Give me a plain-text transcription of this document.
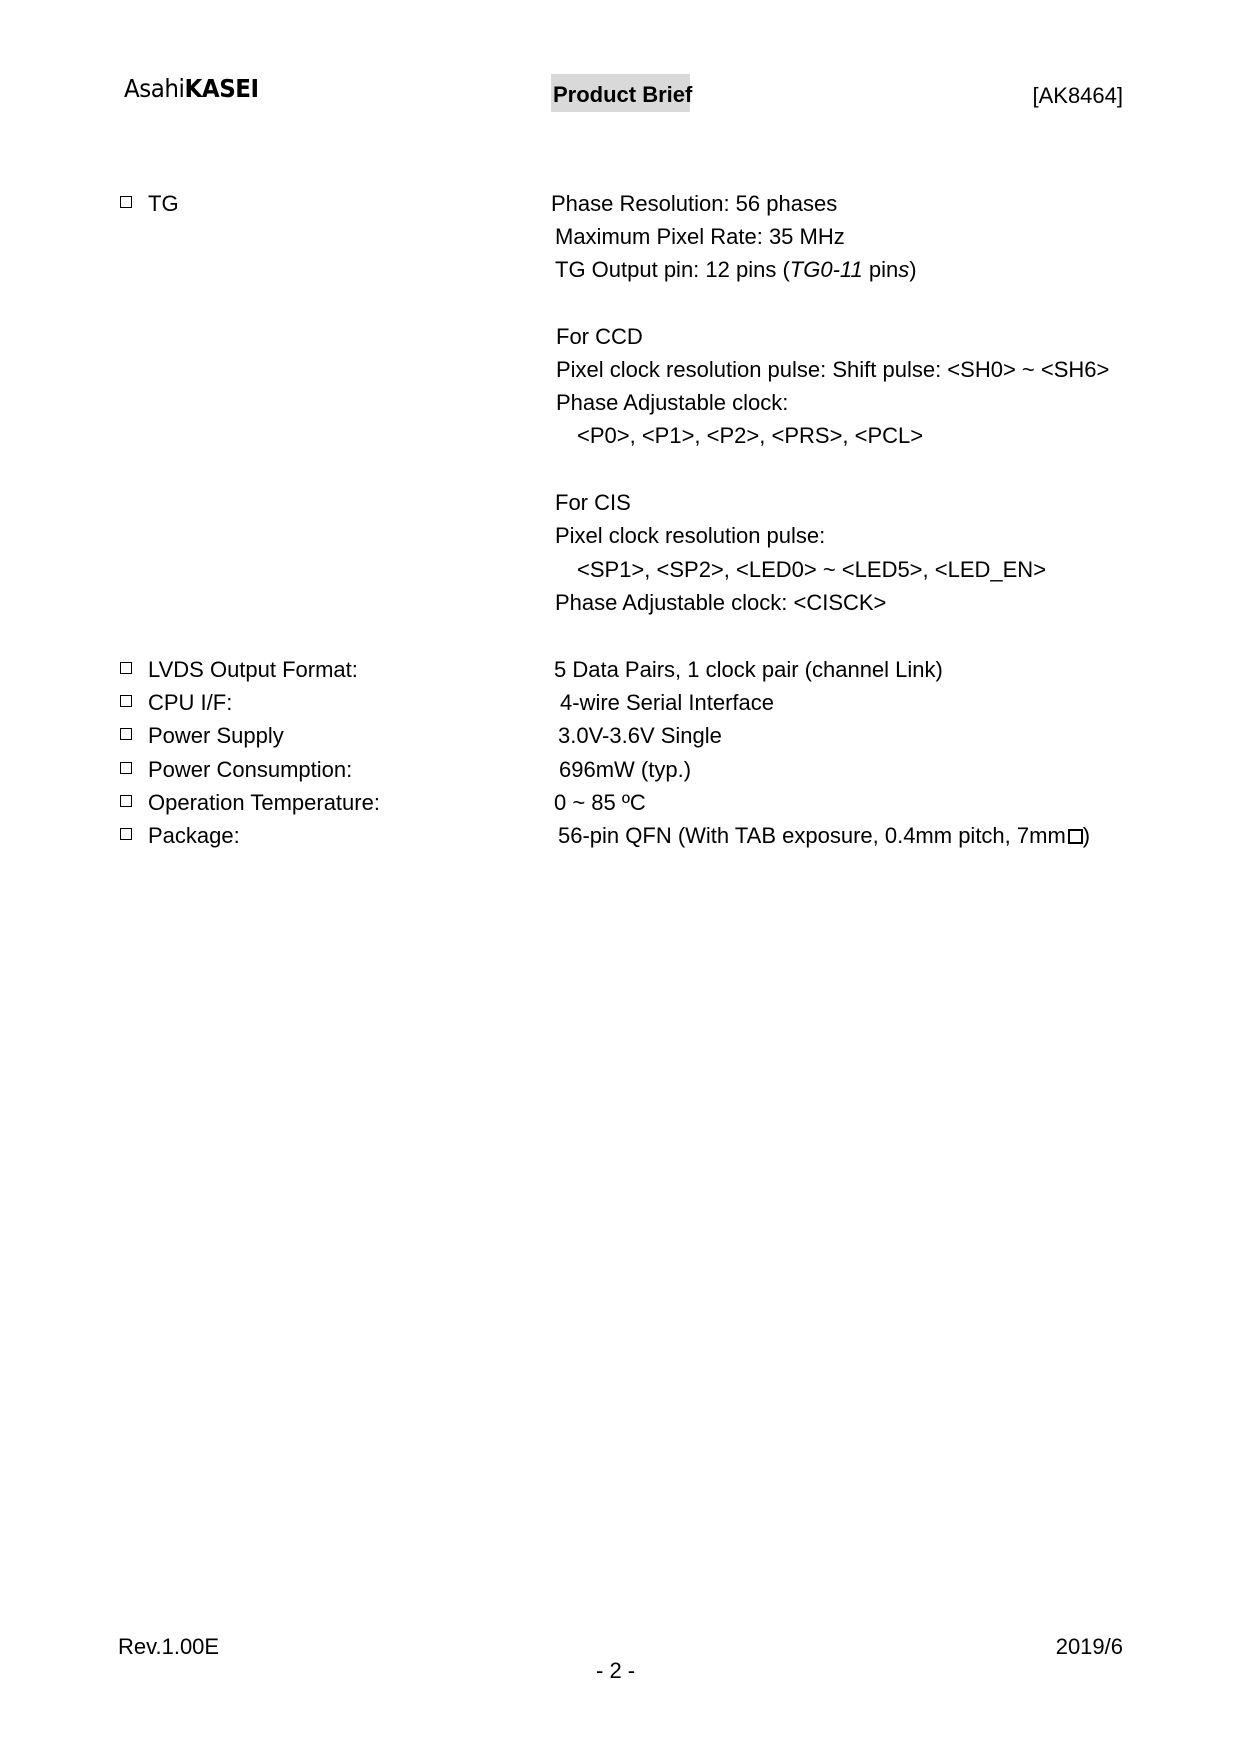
AsahiKASEI	Product Brief	[AK8464]
TG	Phase Resolution: 56 phases
Maximum Pixel Rate: 35 MHz
TG Output pin: 12 pins (TG0-11 pins)
For CCD
Pixel clock resolution pulse: Shift pulse: <SH0> ~ <SH6>
Phase Adjustable clock:
<P0>, <P1>, <P2>, <PRS>, <PCL>
For CIS
Pixel clock resolution pulse:
<SP1>, <SP2>, <LED0> ~ <LED5>, <LED_EN>
Phase Adjustable clock: <CISCK>
LVDS Output Format:	5 Data Pairs, 1 clock pair (channel Link)
CPU I/F:	4-wire Serial Interface
Power Supply	3.0V-3.6V Single
Power Consumption:	696mW (typ.)
Operation Temperature:	0 ~ 85 ºC
Package:	56-pin QFN (With TAB exposure, 0.4mm pitch, 7mm )
Rev.1.00E	2019/6
- 2 -
